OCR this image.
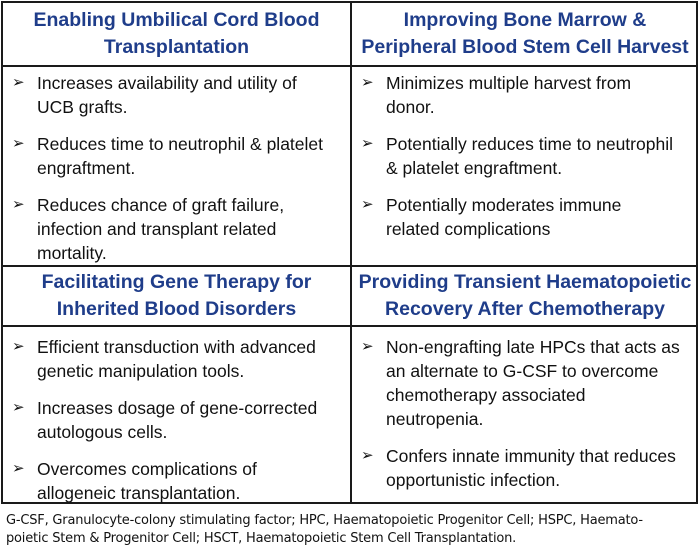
Enabling Umbilical Cord Blood
Transplantation
➢ Increases availability and utility of
UCB grafts.
➢ Reduces time to neutrophil & platelet
engraftment.
➢ Reduces chance of graft failure,
infection and transplant related
mortality.
Improving Bone Marrow &
Peripheral Blood Stem Cell Harvest
➢ Minimizes multiple harvest from
donor.
➢ Potentially reduces time to neutrophil
& platelet engraftment.
➢ Potentially moderates immune
related complications
Facilitating Gene Therapy for
Inherited Blood Disorders
➢ Efficient transduction with advanced
genetic manipulation tools.
➢ Increases dosage of gene-corrected
autologous cells.
➢ Overcomes complications of
allogeneic transplantation.
Providing Transient Haematopoietic
Recovery After Chemotherapy
➢ Non-engrafting late HPCs that acts as
an alternate to G-CSF to overcome
chemotherapy associated
neutropenia.
➢ Confers innate immunity that reduces
opportunistic infection.
G-CSF, Granulocyte-colony stimulating factor; HPC, Haematopoietic Progenitor Cell; HSPC, Haemato-
poietic Stem & Progenitor Cell; HSCT, Haematopoietic Stem Cell Transplantation.
